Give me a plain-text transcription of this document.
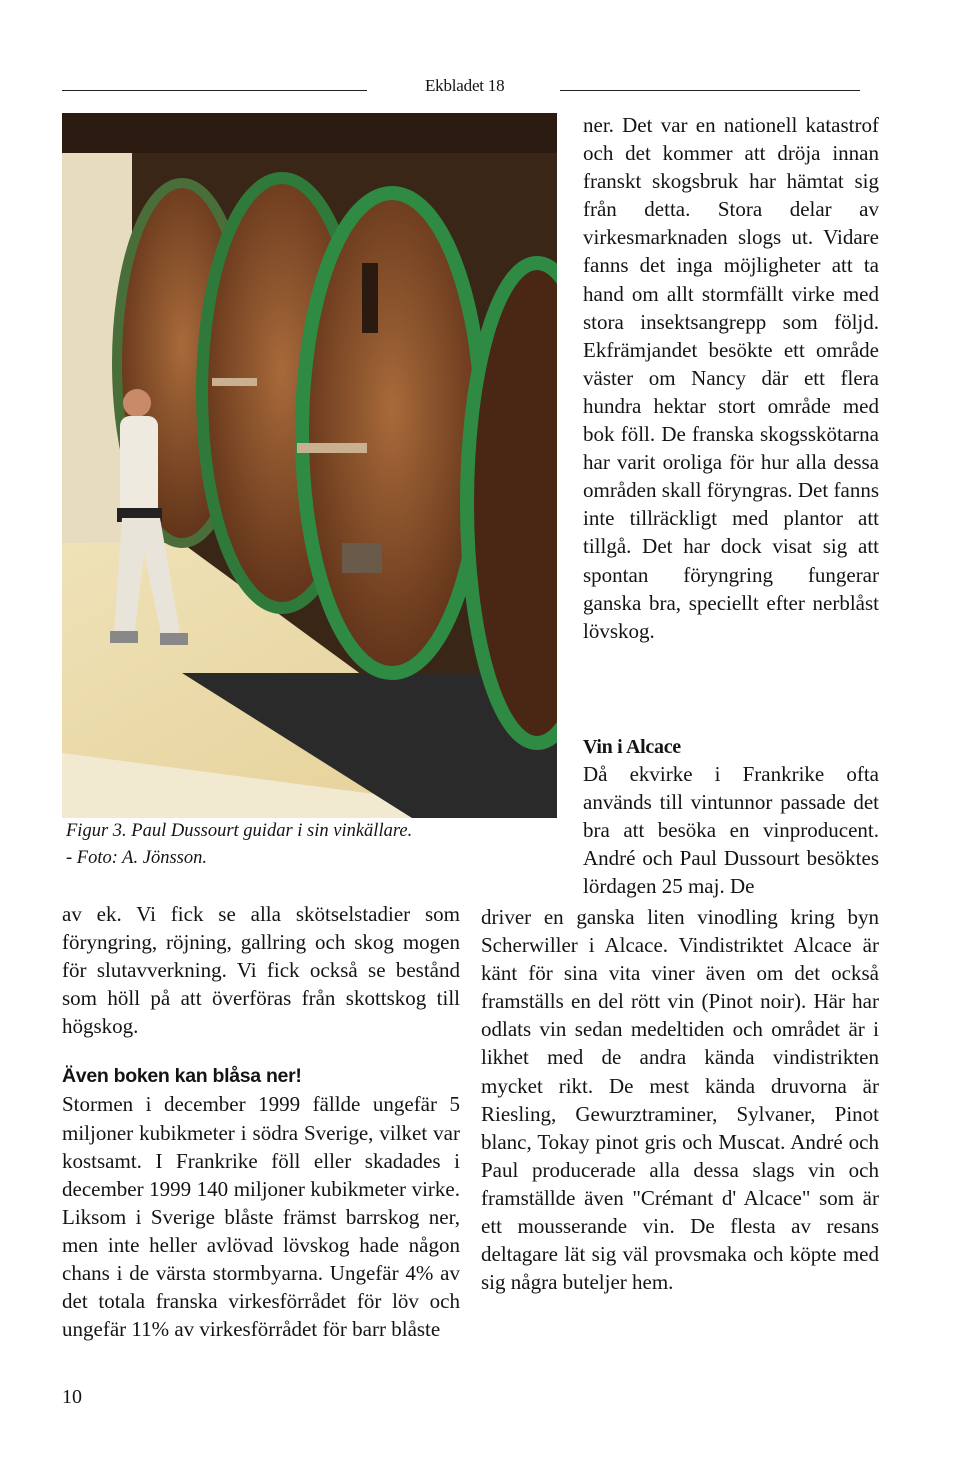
Ekbladet 18
Figur 3. Paul Dussourt guidar i sin vinkällare.
- Foto: A. Jönsson.

av ek. Vi fick se alla skötselstadier som föryngring, röjning, gallring och skog mogen för slutavverkning. Vi fick också se bestånd som höll på att överföras från skottskog till högskog.

Även boken kan blåsa ner!

Stormen i december 1999 fällde ungefär 5 miljoner kubikmeter i södra Sverige, vilket var kostsamt. I Frankrike föll eller skadades i december 1999 140 miljoner kubikmeter virke. Liksom i Sverige blåste främst barrskog ner, men inte heller avlövad lövskog hade någon chans i de värsta stormbyarna. Ungefär 4% av det totala franska virkesförrådet för löv och ungefär 11% av virkesförrådet för barr blåste

ner. Det var en nationell katastrof och det kommer att dröja innan franskt skogsbruk har hämtat sig från detta. Stora delar av virkesmarknaden slogs ut. Vidare fanns det inga möjligheter att ta hand om allt stormfällt virke med stora insektsangrepp som följd. Ekfrämjandet besökte ett område väster om Nancy där ett flera hundra hektar stort område med bok föll. De franska skogsskötarna har varit oroliga för hur alla dessa områden skall föryngras. Det fanns inte tillräckligt med plantor att tillgå. Det har dock visat sig att spontan föryngring fungerar ganska bra, speciellt efter nerblåst lövskog.

Vin i Alcace

Då ekvirke i Frankrike ofta används till vintunnor passade det bra att besöka en vinproducent. André och Paul Dussourt besöktes lördagen 25 maj. De

driver en ganska liten vinodling kring byn Scherwiller i Alcace. Vindistriktet Alcace är känt för sina vita viner även om det också framställs en del rött vin (Pinot noir). Här har odlats vin sedan medeltiden och området är i likhet med de andra kända vindistrikten mycket rikt. De mest kända druvorna är Riesling, Gewurztraminer, Sylvaner, Pinot blanc, Tokay pinot gris och Muscat. André och Paul producerade alla dessa slags vin och framställde även "Crémant d' Alcace" som är ett mousserande vin. De flesta av resans deltagare lät sig väl provsmaka och köpte med sig några buteljer hem.

10
